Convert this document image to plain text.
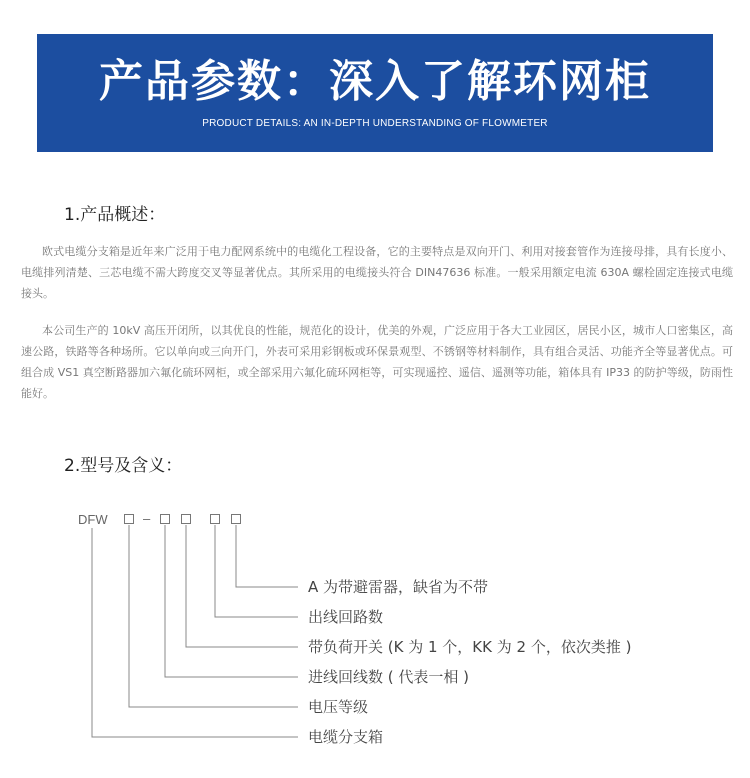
产品参数：深入了解环网柜
PRODUCT DETAILS: AN IN-DEPTH UNDERSTANDING OF FLOWMETER
1.产品概述：

欧式电缆分支箱是近年来广泛用于电力配网系统中的电缆化工程设备，它的主要特点是双向开门、利用对接套管作为连接母排，具有长度小、电缆排列清楚、三芯电缆不需大跨度交叉等显著优点。其所采用的电缆接头符合 DIN47636 标准。一般采用额定电流 630A 螺栓固定连接式电缆接头。

本公司生产的 10kV 高压开闭所，以其优良的性能，规范化的设计，优美的外观，广泛应用于各大工业园区，居民小区，城市人口密集区，高速公路，铁路等各种场所。它以单向或三向开门，外表可采用彩钢板或环保景观型、不锈钢等材料制作，具有组合灵活、功能齐全等显著优点。可组合成 VS1 真空断路器加六氟化硫环网柜，或全部采用六氟化硫环网柜等，可实现遥控、遥信、遥测等功能，箱体具有 IP33 的防护等级，防雨性能好。

2.型号及含义：
DFW	–
A 为带避雷器，缺省为不带
出线回路数
带负荷开关 (K 为 1 个，KK 为 2 个，依次类推 )
进线回线数 ( 代表一相 )
电压等级
电缆分支箱
